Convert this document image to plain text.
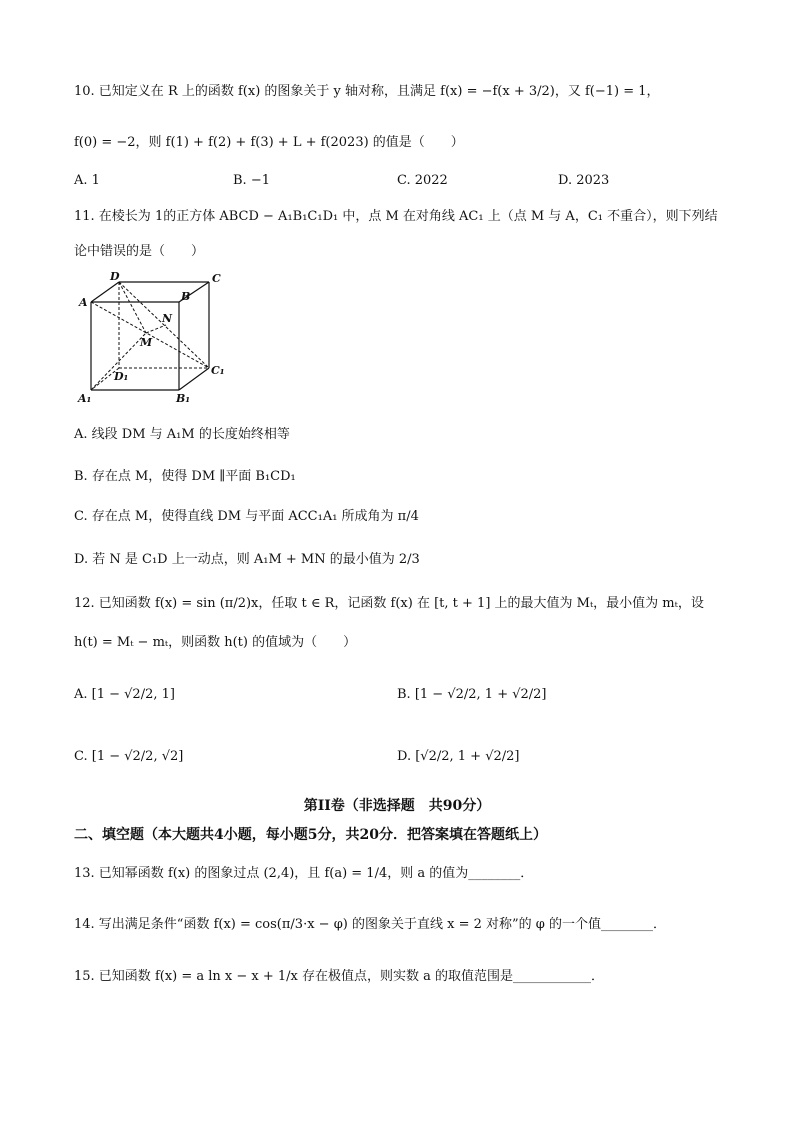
10. 已知定义在 R 上的函数 f(x) 的图象关于 y 轴对称，且满足 f(x) = −f(x + 3/2)，又 f(−1) = 1，
f(0) = −2，则 f(1) + f(2) + f(3) + L + f(2023) 的值是（　　）
A. 1	B. −1	C. 2022	D. 2023
11. 在棱长为 1的正方体 ABCD − A₁B₁C₁D₁ 中，点 M 在对角线 AC₁ 上（点 M 与 A，C₁ 不重合），则下列结
论中错误的是（　　）
D	C
A	B
N
M
D₁	C₁
A₁	B₁
A. 线段 DM 与 A₁M 的长度始终相等
B. 存在点 M，使得 DM ∥平面 B₁CD₁
C. 存在点 M，使得直线 DM 与平面 ACC₁A₁ 所成角为 π/4
D. 若 N 是 C₁D 上一动点，则 A₁M + MN 的最小值为 2/3
12. 已知函数 f(x) = sin (π/2)x，任取 t ∈ R，记函数 f(x) 在 [t, t + 1] 上的最大值为 Mₜ，最小值为 mₜ，设
h(t) = Mₜ − mₜ，则函数 h(t) 的值域为（　　）
A. [1 − √2/2, 1]	B. [1 − √2/2, 1 + √2/2]
C. [1 − √2/2, √2]	D. [√2/2, 1 + √2/2]
第II卷（非选择题　共90分）
二、填空题（本大题共4小题，每小题5分，共20分．把答案填在答题纸上）
13. 已知幂函数 f(x) 的图象过点 (2,4)，且 f(a) = 1/4，则 a 的值为________．
14. 写出满足条件“函数 f(x) = cos(π/3·x − φ) 的图象关于直线 x = 2 对称”的 φ 的一个值________．
15. 已知函数 f(x) = a ln x − x + 1/x 存在极值点，则实数 a 的取值范围是____________．
